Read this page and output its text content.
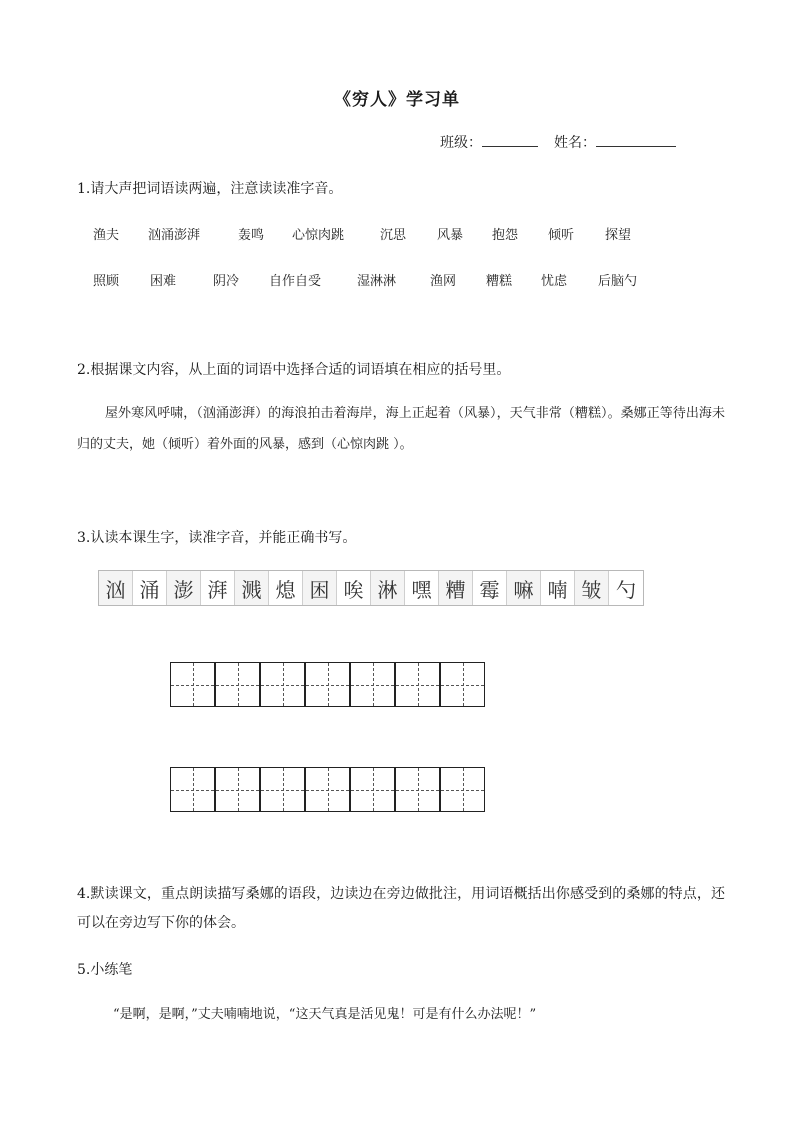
《穷人》学习单
班级：	姓名：
1.请大声把词语读两遍，注意读读准字音。
渔夫 汹涌澎湃	轰鸣 心惊肉跳	沉思 风暴 抱怨 倾听 探望
照顾 困难	阴冷 自作自受	湿淋淋	渔网 糟糕 忧虑 后脑勺
2.根据课文内容，从上面的词语中选择合适的词语填在相应的括号里。
屋外寒风呼啸，（汹涌澎湃）的海浪拍击着海岸，海上正起着（风暴），天气非常（糟糕）。桑娜正等待出海未归的丈夫，她（倾听）着外面的风暴，感到（心惊肉跳 ）。
3.认读本课生字，读准字音，并能正确书写。
汹 涌 澎 湃 溅 熄 困 唉 淋 嘿 糟 霉 嘛 喃 皱 勺
4.默读课文，重点朗读描写桑娜的语段，边读边在旁边做批注，用词语概括出你感受到的桑娜的特点，还可以在旁边写下你的体会。
5.小练笔
“是啊，是啊，”丈夫喃喃地说，“这天气真是活见鬼！可是有什么办法呢！”
